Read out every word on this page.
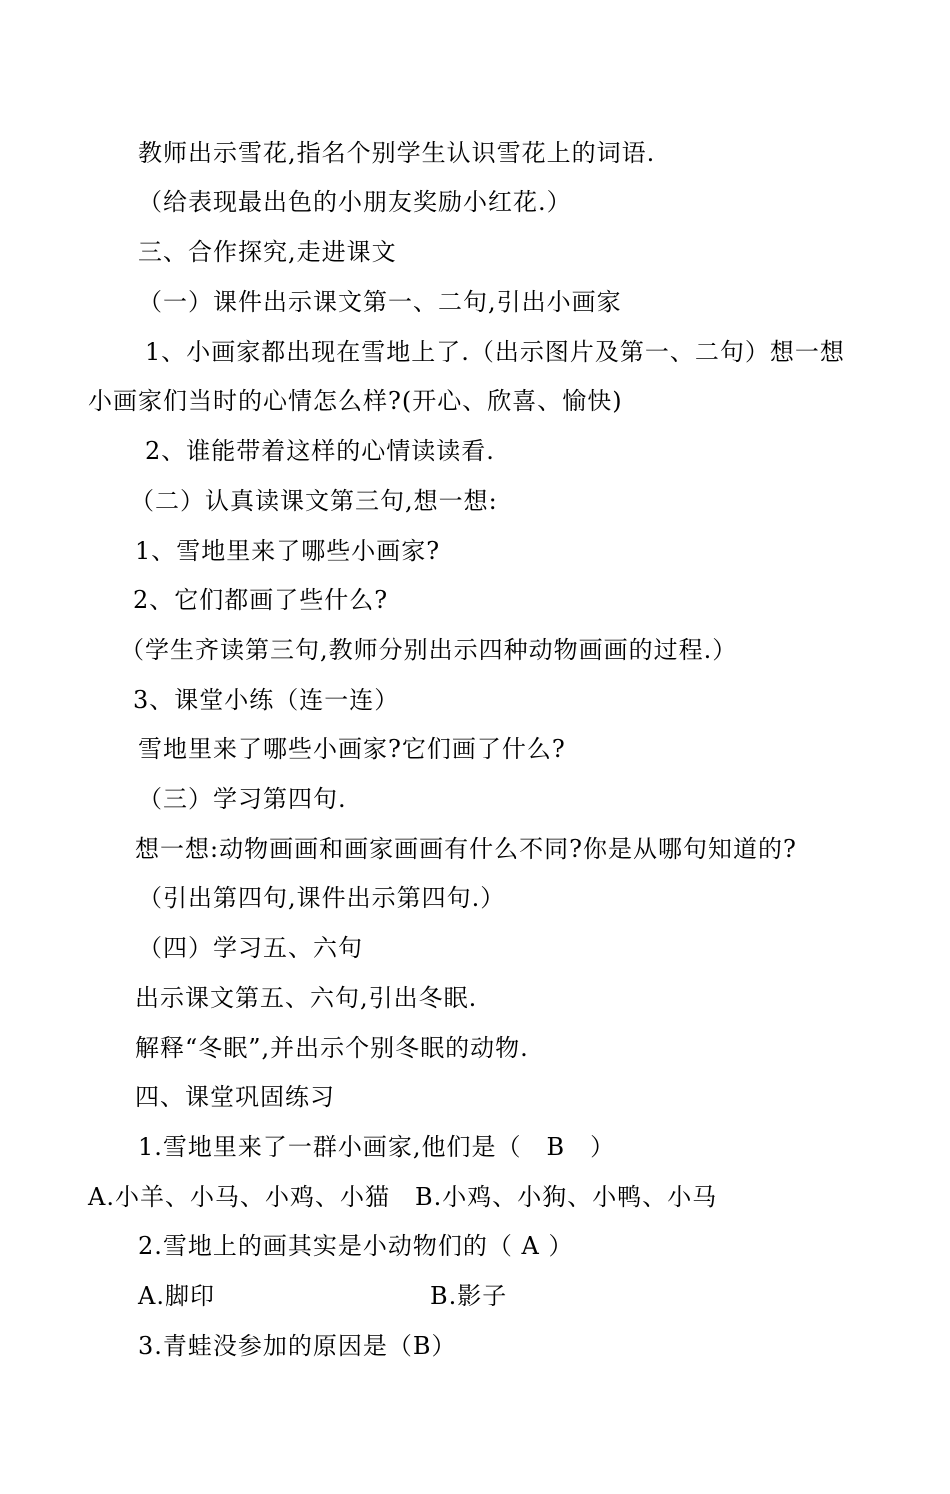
教师出示雪花,指名个别学生认识雪花上的词语.
（给表现最出色的小朋友奖励小红花.）
三、合作探究,走进课文
（一）课件出示课文第一、二句,引出小画家
1、小画家都出现在雪地上了.（出示图片及第一、二句）想一想
小画家们当时的心情怎么样?(开心、欣喜、愉快)
2、谁能带着这样的心情读读看.
（二）认真读课文第三句,想一想:
1、雪地里来了哪些小画家?
2、它们都画了些什么?
（学生齐读第三句,教师分别出示四种动物画画的过程.）
3、课堂小练（连一连）
雪地里来了哪些小画家?它们画了什么?
（三）学习第四句.
想一想:动物画画和画家画画有什么不同?你是从哪句知道的?
（引出第四句,课件出示第四句.）
（四）学习五、六句
出示课文第五、六句,引出冬眠.
解释“冬眠”,并出示个别冬眠的动物.
四、课堂巩固练习
1.雪地里来了一群小画家,他们是（　B　）
A.小羊、小马、小鸡、小猫　B.小鸡、小狗、小鸭、小马
2.雪地上的画其实是小动物们的（ A ）
A.脚印	B.影子
3.青蛙没参加的原因是（B）
